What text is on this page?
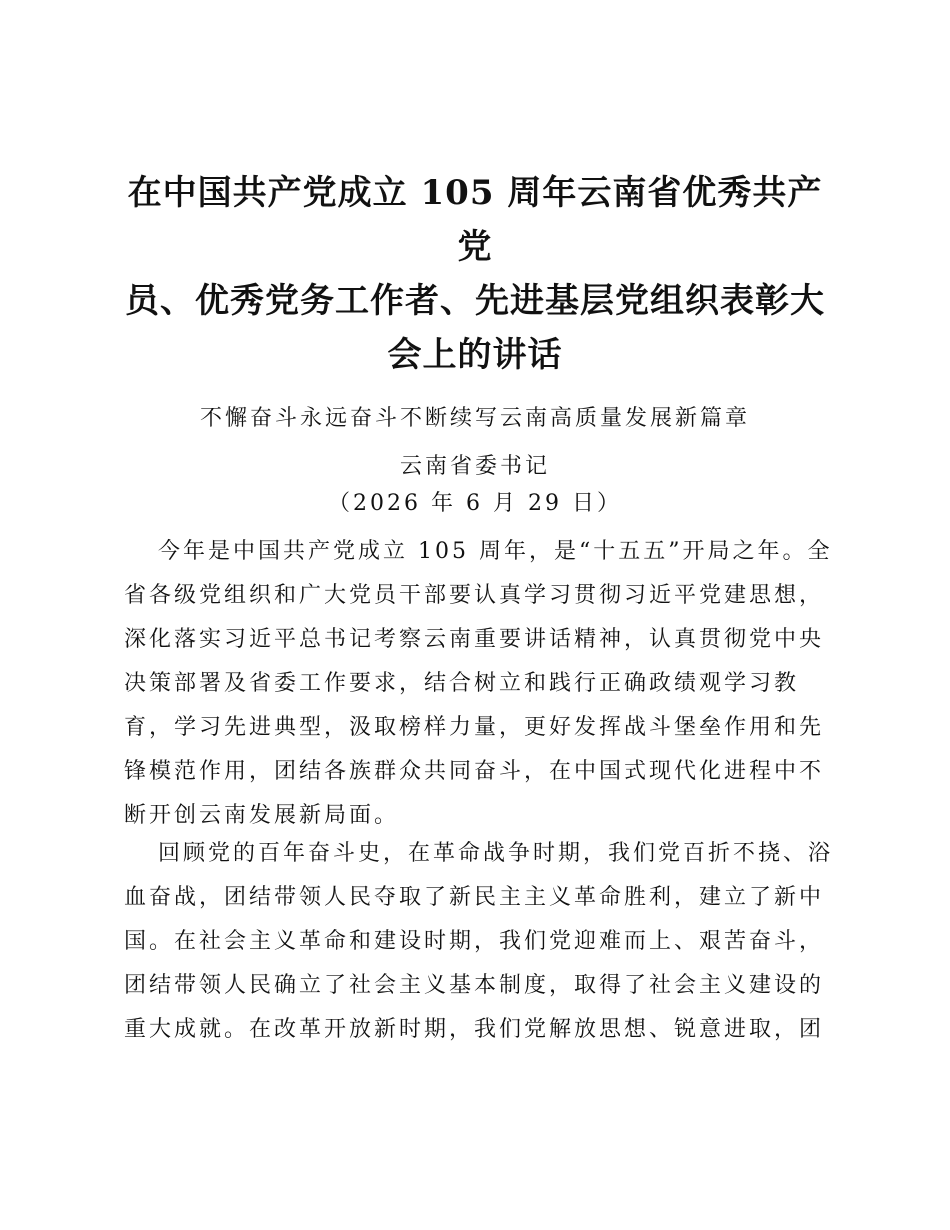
在中国共产党成立 105 周年云南省优秀共产党
员、优秀党务工作者、先进基层党组织表彰大
会上的讲话
不懈奋斗永远奋斗不断续写云南高质量发展新篇章
云南省委书记
（2026 年 6 月 29 日）
今年是中国共产党成立 105 周年，是“十五五”开局之年。全
省各级党组织和广大党员干部要认真学习贯彻习近平党建思想，
深化落实习近平总书记考察云南重要讲话精神，认真贯彻党中央
决策部署及省委工作要求，结合树立和践行正确政绩观学习教
育，学习先进典型，汲取榜样力量，更好发挥战斗堡垒作用和先
锋模范作用，团结各族群众共同奋斗，在中国式现代化进程中不
断开创云南发展新局面。
回顾党的百年奋斗史，在革命战争时期，我们党百折不挠、浴
血奋战，团结带领人民夺取了新民主主义革命胜利，建立了新中
国。在社会主义革命和建设时期，我们党迎难而上、艰苦奋斗，
团结带领人民确立了社会主义基本制度，取得了社会主义建设的
重大成就。在改革开放新时期，我们党解放思想、锐意进取，团
